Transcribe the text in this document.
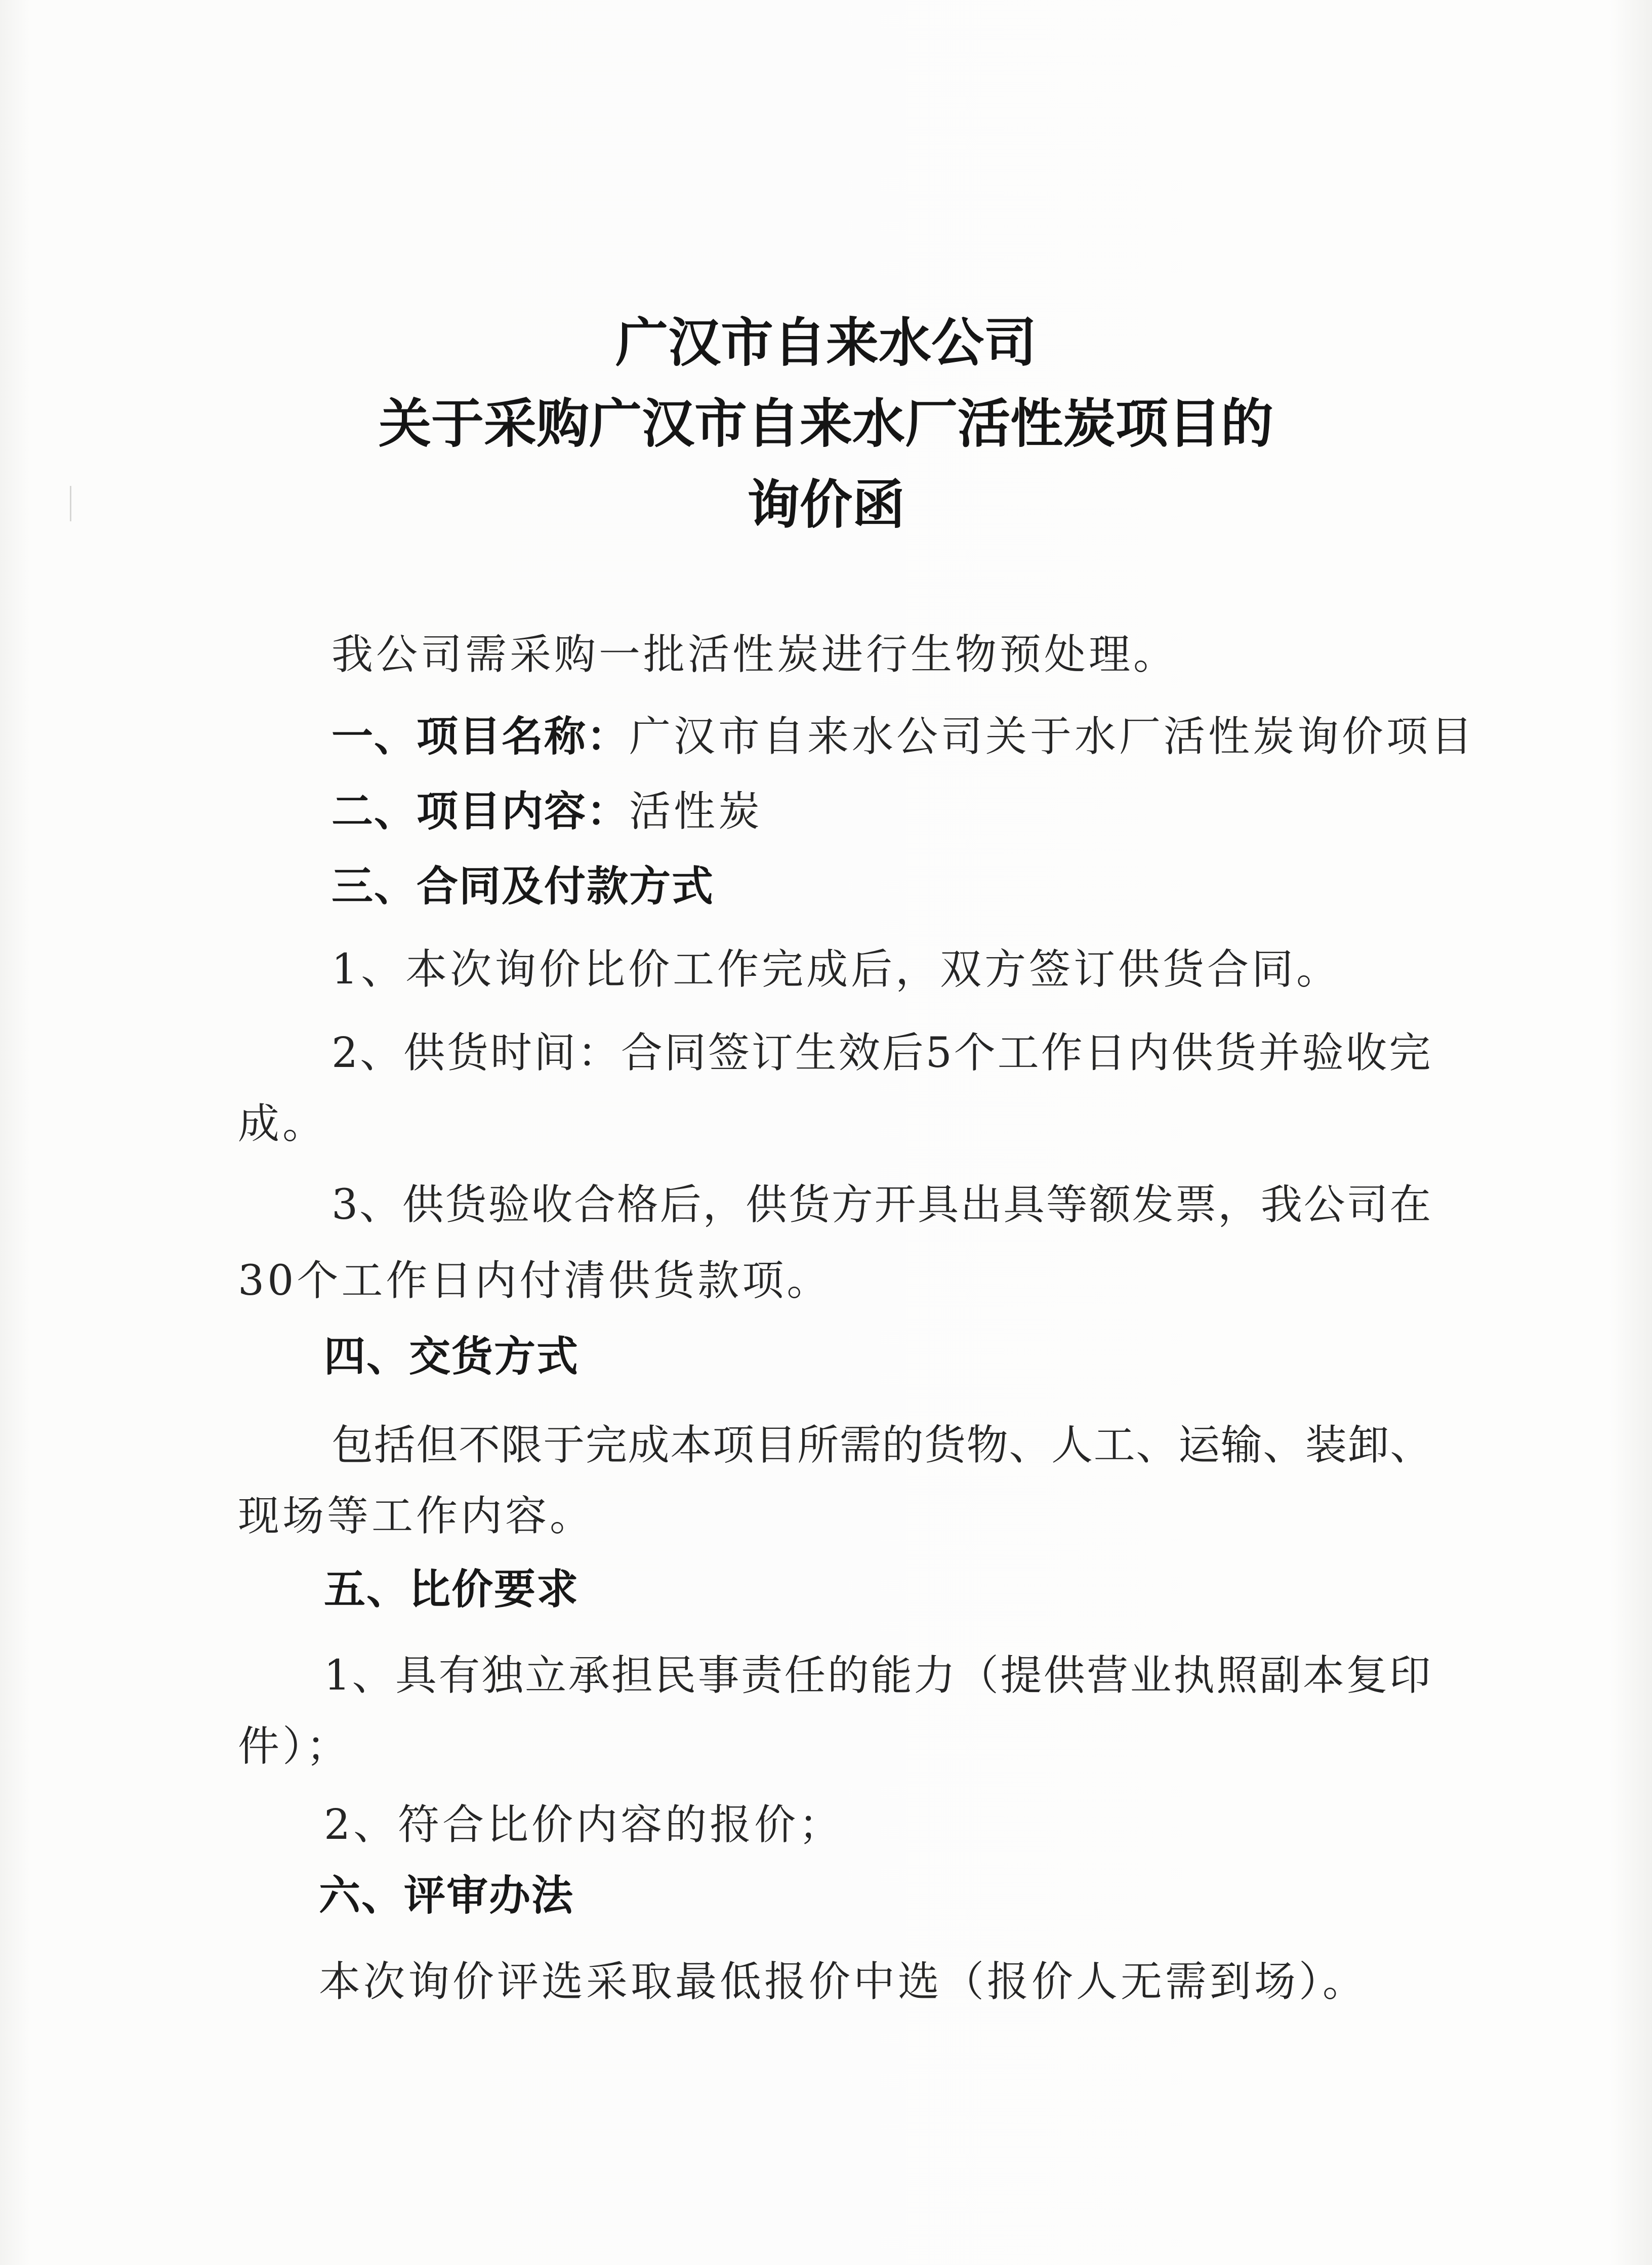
广汉市自来水公司
关于采购广汉市自来水厂活性炭项目的
询价函
我公司需采购一批活性炭进行生物预处理。
一、项目名称：广汉市自来水公司关于水厂活性炭询价项目
二、项目内容：活性炭
三、合同及付款方式
1、本次询价比价工作完成后，双方签订供货合同。
2、供货时间：合同签订生效后5个工作日内供货并验收完
成。
3、供货验收合格后，供货方开具出具等额发票，我公司在
30个工作日内付清供货款项。
四、交货方式
包括但不限于完成本项目所需的货物、人工、运输、装卸、
现场等工作内容。
五、比价要求
1、具有独立承担民事责任的能力（提供营业执照副本复印
件）；
2、符合比价内容的报价；
六、评审办法
本次询价评选采取最低报价中选（报价人无需到场）。
